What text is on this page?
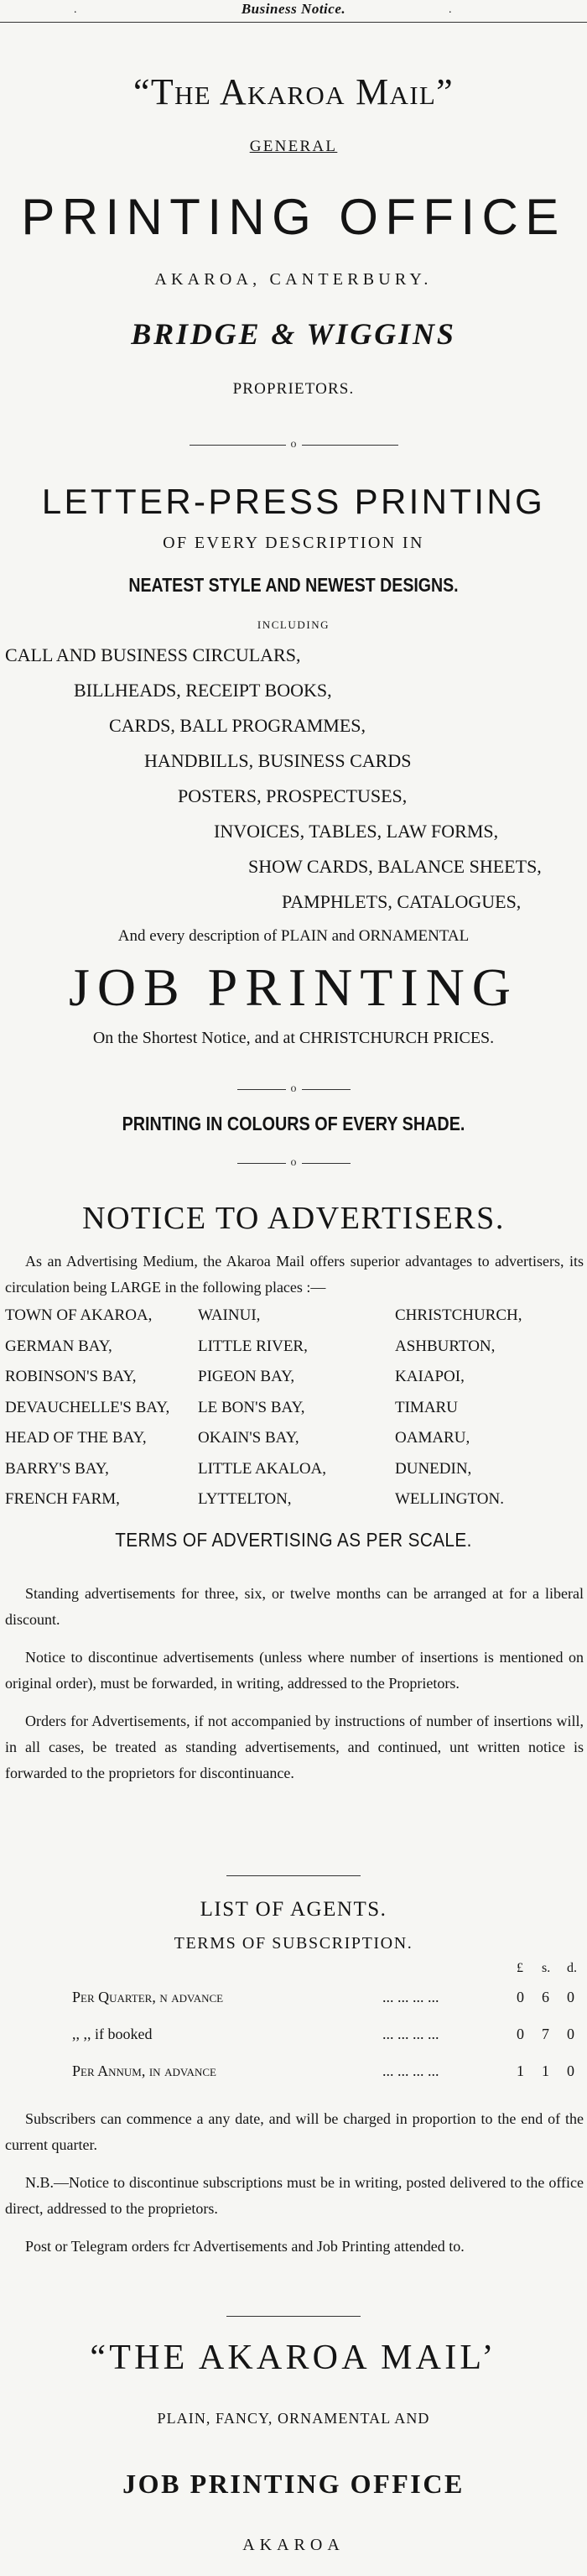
.	Business Notice.	.
“The Akaroa Mail”
GENERAL
PRINTING OFFICE
AKAROA, CANTERBURY.
BRIDGE & WIGGINS
PROPRIETORS.
o
LETTER-PRESS PRINTING
OF EVERY DESCRIPTION IN
NEATEST STYLE AND NEWEST DESIGNS.
INCLUDING
CALL AND BUSINESS CIRCULARS,
BILLHEADS, RECEIPT BOOKS,
CARDS, BALL PROGRAMMES,
HANDBILLS, BUSINESS CARDS
POSTERS, PROSPECTUSES,
INVOICES, TABLES, LAW FORMS,
SHOW CARDS, BALANCE SHEETS,
PAMPHLETS, CATALOGUES,
And every description of PLAIN and ORNAMENTAL
JOB PRINTING
On the Shortest Notice, and at CHRISTCHURCH PRICES.
o
PRINTING IN COLOURS OF EVERY SHADE.
o
NOTICE TO ADVERTISERS.
As an Advertising Medium, the Akaroa Mail offers superior advantages to advertisers, its circulation being LARGE in the following places :—
TOWN OF AKAROA,	WAINUI,	CHRISTCHURCH,
GERMAN BAY,	LITTLE RIVER,	ASHBURTON,
ROBINSON'S BAY,	PIGEON BAY,	KAIAPOI,
DEVAUCHELLE'S BAY,	LE BON'S BAY,	TIMARU
HEAD OF THE BAY,	OKAIN'S BAY,	OAMARU,
BARRY'S BAY,	LITTLE AKALOA,	DUNEDIN,
FRENCH FARM,	LYTTELTON,	WELLINGTON.
TERMS OF ADVERTISING AS PER SCALE.
Standing advertisements for three, six, or twelve months can be arranged at for a liberal discount.
Notice to discontinue advertisements (unless where number of insertions is mentioned on original order), must be forwarded, in writing, addressed to the Proprietors.
Orders for Advertisements, if not accompanied by instructions of number of insertions will, in all cases, be treated as standing advertisements, and continued, unt written notice is forwarded to the proprietors for discontinuance.
LIST OF AGENTS.
TERMS OF SUBSCRIPTION.
£	s.	d.
Per Quarter, n advance	... ... ... ...	0	6	0
,, ,, if booked	... ... ... ...	0	7	0
Per Annum, in advance	... ... ... ...	1	1	0
Subscribers can commence a any date, and will be charged in proportion to the end of the current quarter.
N.B.—Notice to discontinue subscriptions must be in writing, posted delivered to the office direct, addressed to the proprietors.
Post or Telegram orders fcr Advertisements and Job Printing attended to.
“THE AKAROA MAIL’
PLAIN, FANCY, ORNAMENTAL AND
JOB PRINTING OFFICE
AKAROA
